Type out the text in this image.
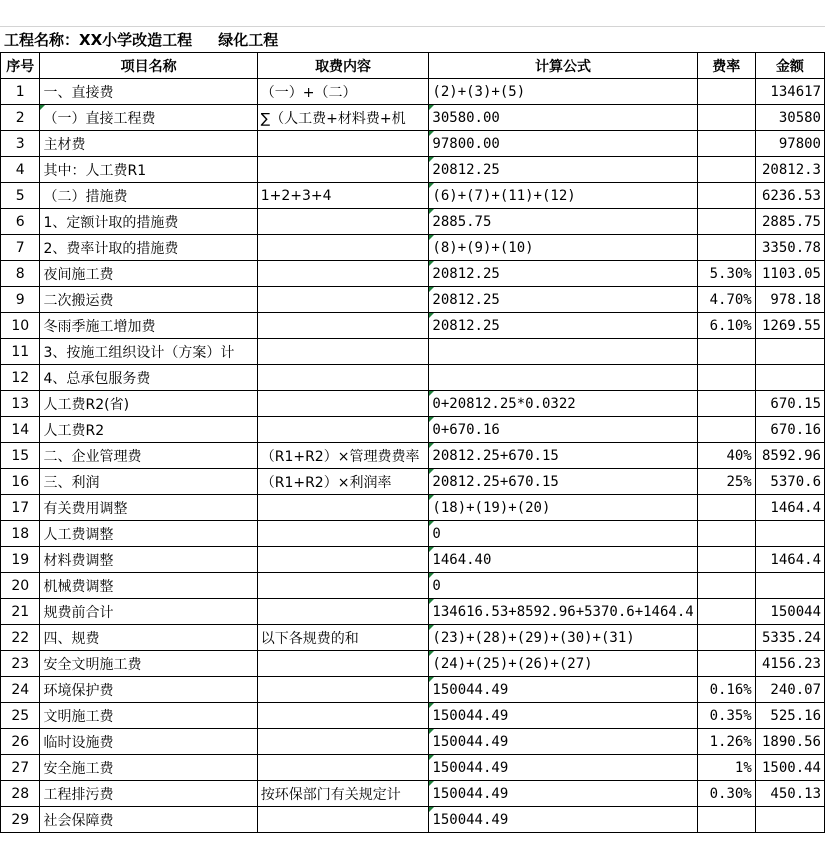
工程名称：XX小学改造工程     绿化工程
序号	项目名称	取费内容	计算公式	费率	金额
1	一、直接费	（一）+（二）	(2)+(3)+(5)		134617
2	（一）直接工程费	∑（人工费+材料费+机	30580.00		30580
3	主材费		97800.00		97800
4	其中：人工费R1		20812.25		20812.3
5	（二）措施费	1+2+3+4	(6)+(7)+(11)+(12)		6236.53
6	1、定额计取的措施费		2885.75		2885.75
7	2、费率计取的措施费		(8)+(9)+(10)		3350.78
8	夜间施工费		20812.25	5.30%	1103.05
9	二次搬运费		20812.25	4.70%	978.18
10	冬雨季施工增加费		20812.25	6.10%	1269.55
11	3、按施工组织设计（方案）计				
12	4、总承包服务费				
13	人工费R2(省)		0+20812.25*0.0322		670.15
14	人工费R2		0+670.16		670.16
15	二、企业管理费	（R1+R2）×管理费费率	20812.25+670.15	40%	8592.96
16	三、利润	（R1+R2）×利润率	20812.25+670.15	25%	5370.6
17	有关费用调整		(18)+(19)+(20)		1464.4
18	人工费调整		0		
19	材料费调整		1464.40		1464.4
20	机械费调整		0		
21	规费前合计		134616.53+8592.96+5370.6+1464.4		150044
22	四、规费	以下各规费的和	(23)+(28)+(29)+(30)+(31)		5335.24
23	安全文明施工费		(24)+(25)+(26)+(27)		4156.23
24	环境保护费		150044.49	0.16%	240.07
25	文明施工费		150044.49	0.35%	525.16
26	临时设施费		150044.49	1.26%	1890.56
27	安全施工费		150044.49	1%	1500.44
28	工程排污费	按环保部门有关规定计	150044.49	0.30%	450.13
29	社会保障费		150044.49		
